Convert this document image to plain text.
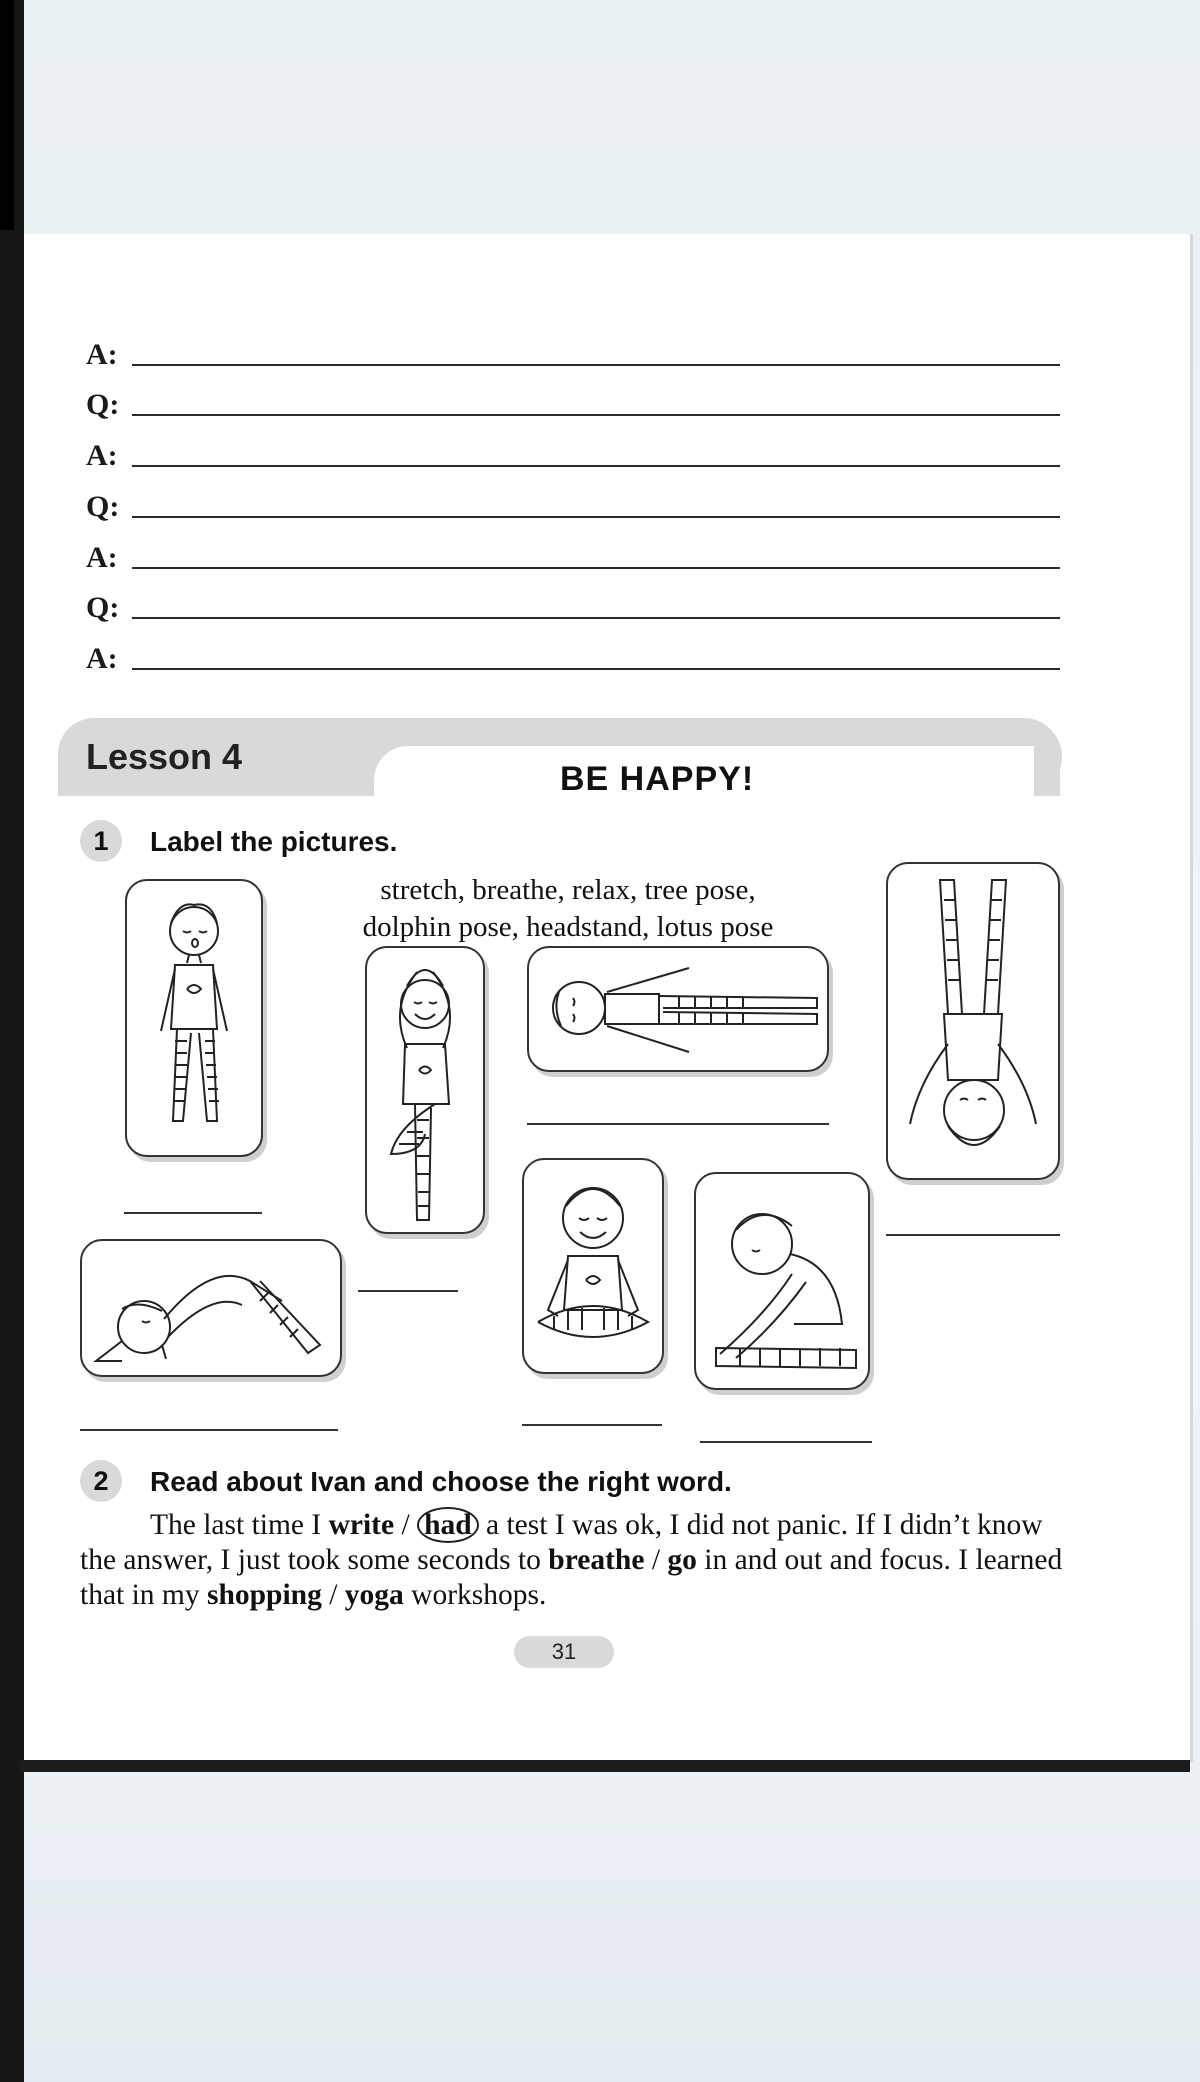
A:
Q:
A:
Q:
A:
Q:
A:
Lesson 4
BE HAPPY!
1	Label the pictures.
stretch, breathe, relax, tree pose,
dolphin pose, headstand, lotus pose
2	Read about Ivan and choose the right word.
The last time I write / had a test I was ok, I did not panic. If I didn’t know the answer, I just took some seconds to breathe / go in and out and focus. I learned that in my shopping / yoga workshops.
31
